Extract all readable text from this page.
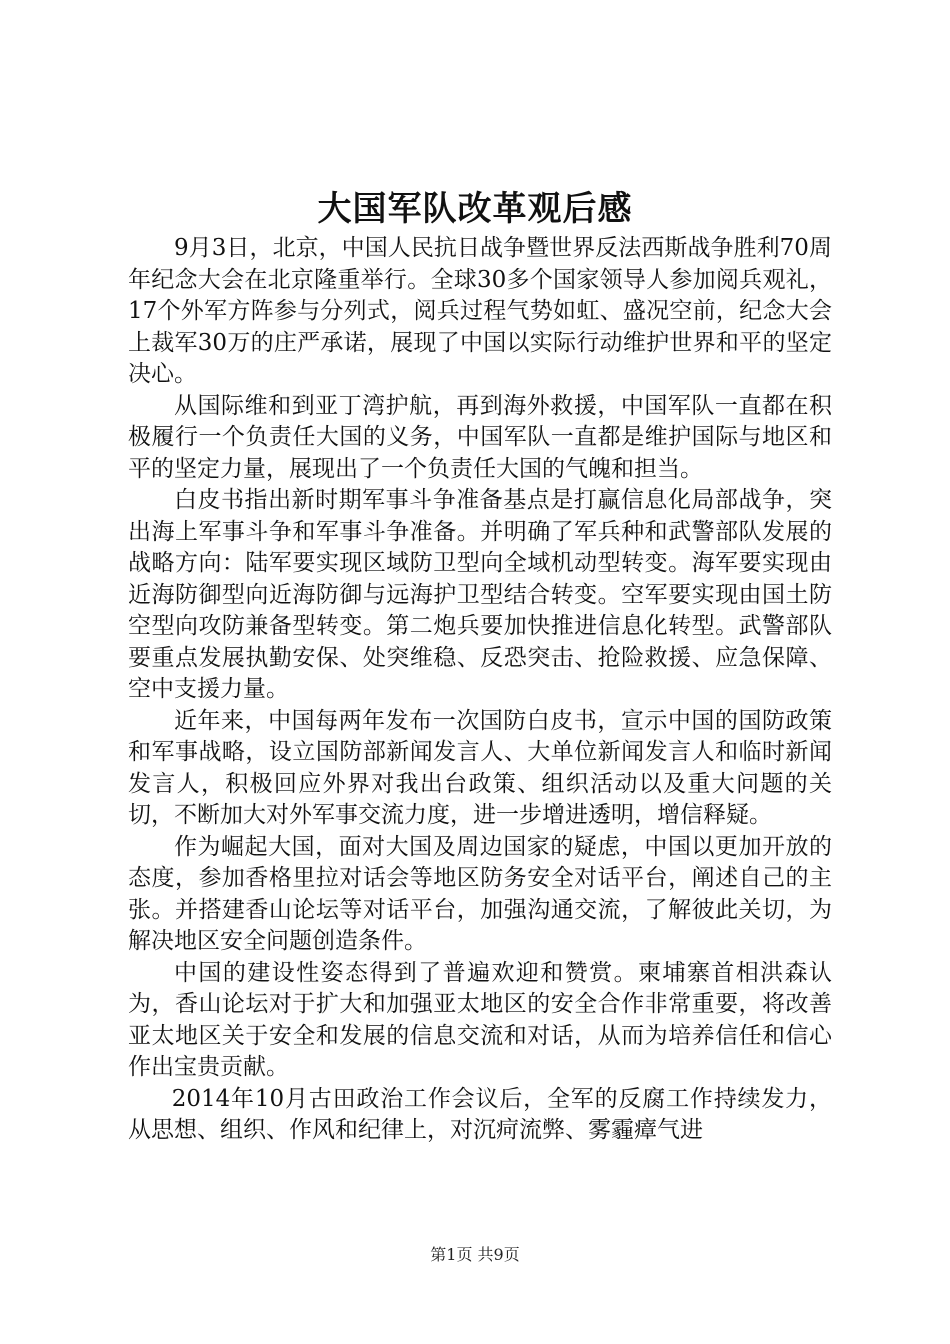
大国军队改革观后感

9月3日，北京，中国人民抗日战争暨世界反法西斯战争胜利70周年纪念大会在北京隆重举行。全球30多个国家领导人参加阅兵观礼，17个外军方阵参与分列式，阅兵过程气势如虹、盛况空前，纪念大会上裁军30万的庄严承诺，展现了中国以实际行动维护世界和平的坚定决心。

从国际维和到亚丁湾护航，再到海外救援，中国军队一直都在积极履行一个负责任大国的义务，中国军队一直都是维护国际与地区和平的坚定力量，展现出了一个负责任大国的气魄和担当。

白皮书指出新时期军事斗争准备基点是打赢信息化局部战争，突出海上军事斗争和军事斗争准备。并明确了军兵种和武警部队发展的战略方向：陆军要实现区域防卫型向全域机动型转变。海军要实现由近海防御型向近海防御与远海护卫型结合转变。空军要实现由国土防空型向攻防兼备型转变。第二炮兵要加快推进信息化转型。武警部队要重点发展执勤安保、处突维稳、反恐突击、抢险救援、应急保障、空中支援力量。

近年来，中国每两年发布一次国防白皮书，宣示中国的国防政策和军事战略，设立国防部新闻发言人、大单位新闻发言人和临时新闻发言人，积极回应外界对我出台政策、组织活动以及重大问题的关切，不断加大对外军事交流力度，进一步增进透明，增信释疑。

作为崛起大国，面对大国及周边国家的疑虑，中国以更加开放的态度，参加香格里拉对话会等地区防务安全对话平台，阐述自己的主张。并搭建香山论坛等对话平台，加强沟通交流，了解彼此关切，为解决地区安全问题创造条件。

中国的建设性姿态得到了普遍欢迎和赞赏。柬埔寨首相洪森认为，香山论坛对于扩大和加强亚太地区的安全合作非常重要，将改善亚太地区关于安全和发展的信息交流和对话，从而为培养信任和信心作出宝贵贡献。

2014年10月古田政治工作会议后，全军的反腐工作持续发力，从思想、组织、作风和纪律上，对沉疴流弊、雾霾瘴气进

第1页 共9页
